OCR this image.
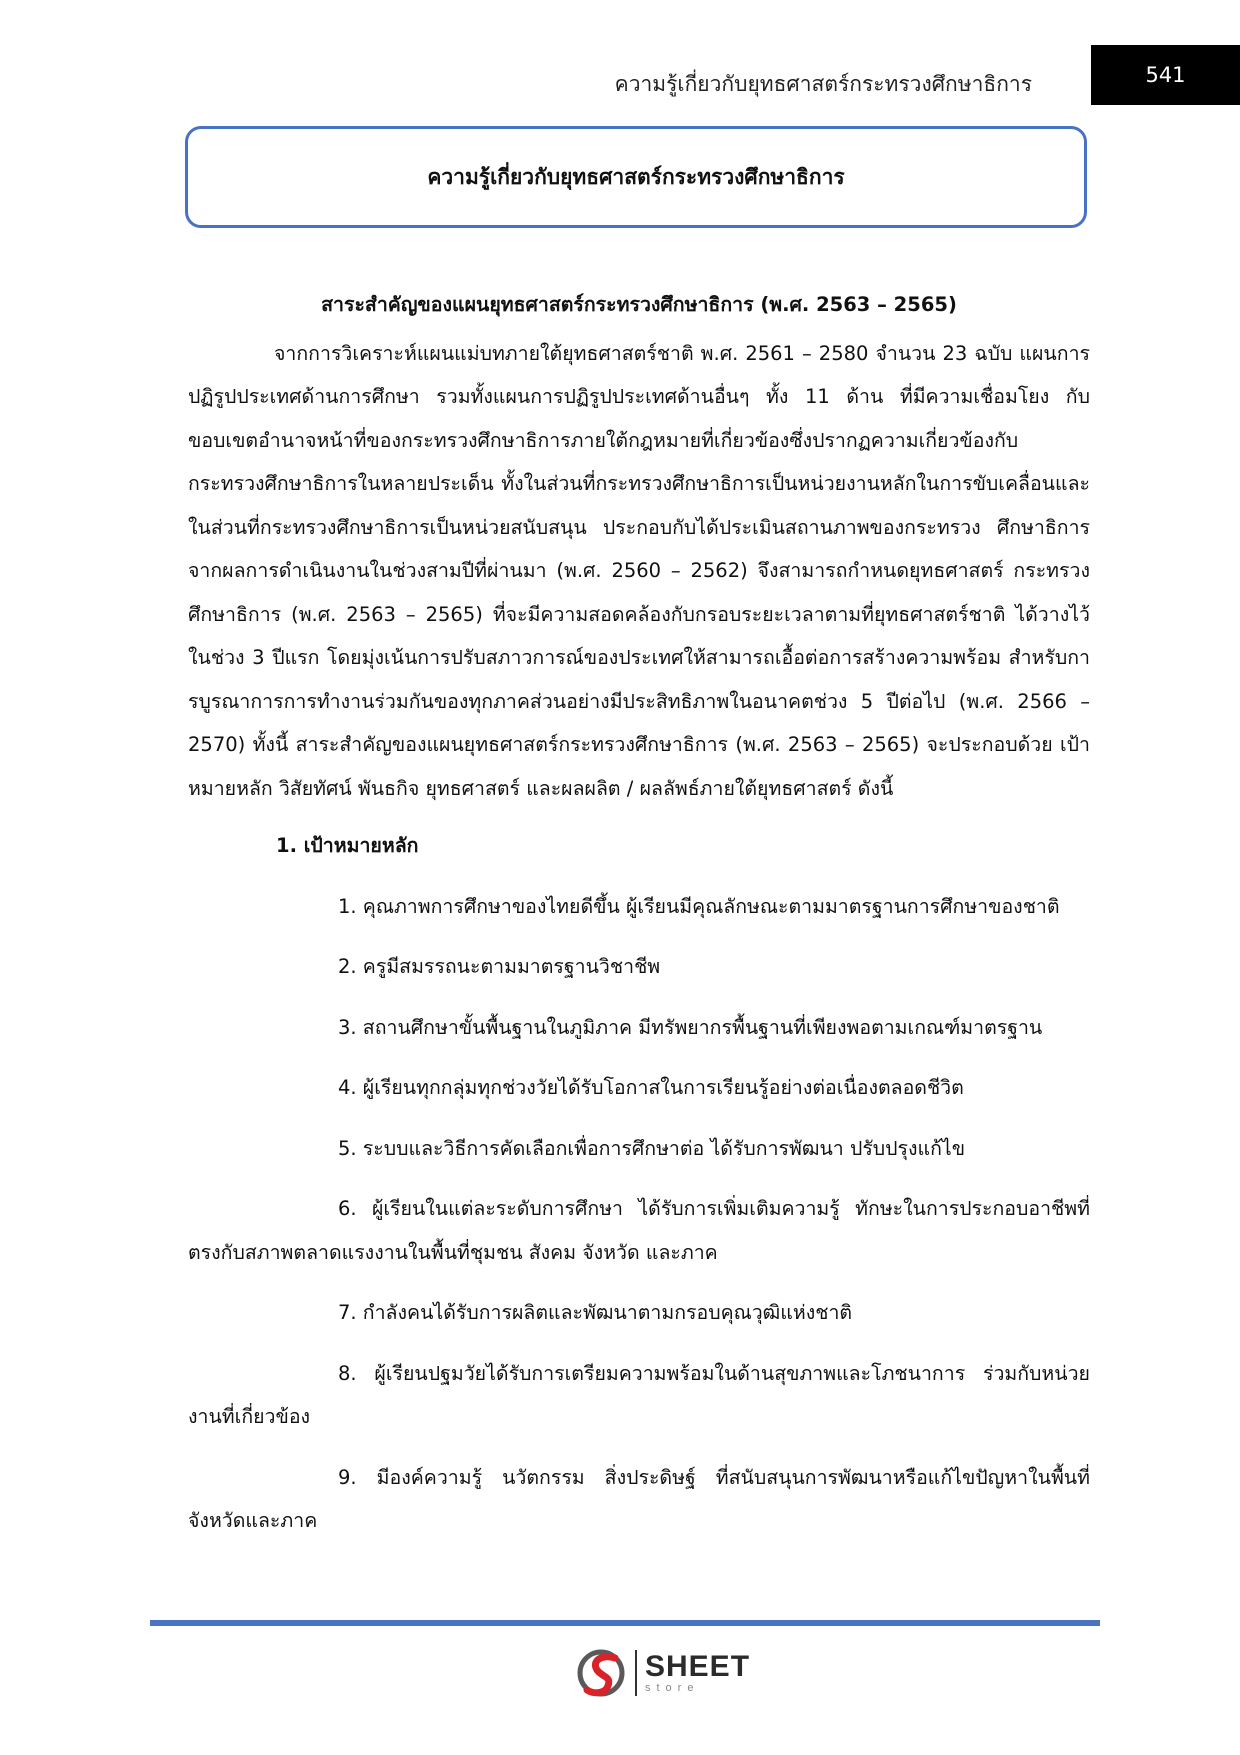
ความรู้เกี่ยวกับยุทธศาสตร์กระทรวงศึกษาธิการ	541
ความรู้เกี่ยวกับยุทธศาสตร์กระทรวงศึกษาธิการ
สาระสำคัญของแผนยุทธศาสตร์กระทรวงศึกษาธิการ (พ.ศ. 2563 – 2565)

จากการวิเคราะห์แผนแม่บทภายใต้ยุทธศาสตร์ชาติ พ.ศ. 2561 – 2580 จำนวน 23 ฉบับ แผนการปฏิรูปประเทศด้านการศึกษา รวมทั้งแผนการปฏิรูปประเทศด้านอื่นๆ ทั้ง 11 ด้าน ที่มีความเชื่อมโยง กับขอบเขตอำนาจหน้าที่ของกระทรวงศึกษาธิการภายใต้กฎหมายที่เกี่ยวข้องซึ่งปรากฏความเกี่ยวข้องกับกระทรวงศึกษาธิการในหลายประเด็น ทั้งในส่วนที่กระทรวงศึกษาธิการเป็นหน่วยงานหลักในการขับเคลื่อนและในส่วนที่กระทรวงศึกษาธิการเป็นหน่วยสนับสนุน ประกอบกับได้ประเมินสถานภาพของกระทรวง ศึกษาธิการจากผลการดำเนินงานในช่วงสามปีที่ผ่านมา (พ.ศ. 2560 – 2562) จึงสามารถกำหนดยุทธศาสตร์ กระทรวงศึกษาธิการ (พ.ศ. 2563 – 2565) ที่จะมีความสอดคล้องกับกรอบระยะเวลาตามที่ยุทธศาสตร์ชาติ ได้วางไว้ในช่วง 3 ปีแรก โดยมุ่งเน้นการปรับสภาวการณ์ของประเทศให้สามารถเอื้อต่อการสร้างความพร้อม สำหรับการบูรณาการการทำงานร่วมกันของทุกภาคส่วนอย่างมีประสิทธิภาพในอนาคตช่วง 5 ปีต่อไป (พ.ศ. 2566 – 2570) ทั้งนี้ สาระสำคัญของแผนยุทธศาสตร์กระทรวงศึกษาธิการ (พ.ศ. 2563 – 2565) จะประกอบด้วย เป้าหมายหลัก วิสัยทัศน์ พันธกิจ ยุทธศาสตร์ และผลผลิต / ผลลัพธ์ภายใต้ยุทธศาสตร์ ดังนี้

1. เป้าหมายหลัก
1. คุณภาพการศึกษาของไทยดีขึ้น ผู้เรียนมีคุณลักษณะตามมาตรฐานการศึกษาของชาติ
2. ครูมีสมรรถนะตามมาตรฐานวิชาชีพ
3. สถานศึกษาขั้นพื้นฐานในภูมิภาค มีทรัพยากรพื้นฐานที่เพียงพอตามเกณฑ์มาตรฐาน
4. ผู้เรียนทุกกลุ่มทุกช่วงวัยได้รับโอกาสในการเรียนรู้อย่างต่อเนื่องตลอดชีวิต
5. ระบบและวิธีการคัดเลือกเพื่อการศึกษาต่อ ได้รับการพัฒนา ปรับปรุงแก้ไข
6. ผู้เรียนในแต่ละระดับการศึกษา ได้รับการเพิ่มเติมความรู้ ทักษะในการประกอบอาชีพที่ตรงกับสภาพตลาดแรงงานในพื้นที่ชุมชน สังคม จังหวัด และภาค
7. กำลังคนได้รับการผลิตและพัฒนาตามกรอบคุณวุฒิแห่งชาติ
8. ผู้เรียนปฐมวัยได้รับการเตรียมความพร้อมในด้านสุขภาพและโภชนาการ ร่วมกับหน่วยงานที่เกี่ยวข้อง
9. มีองค์ความรู้ นวัตกรรม สิ่งประดิษฐ์ ที่สนับสนุนการพัฒนาหรือแก้ไขปัญหาในพื้นที่จังหวัดและภาค
SHEET
store
